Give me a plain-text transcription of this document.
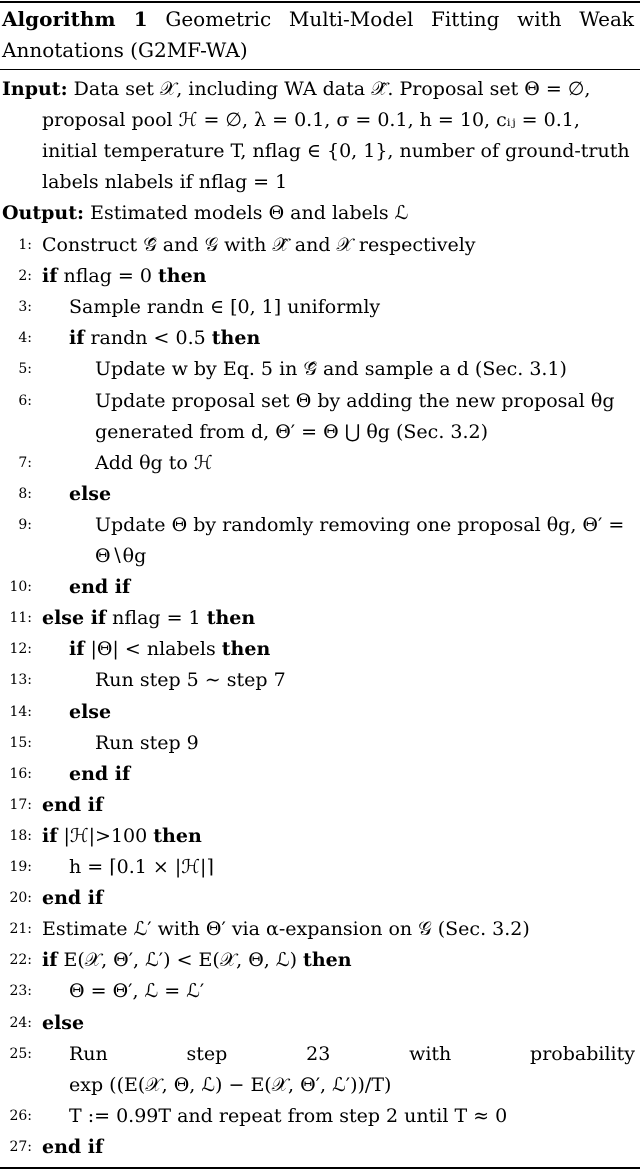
Algorithm 1 Geometric Multi-Model Fitting with Weak Annotations (G2MF-WA)
Input: Data set 𝒳, including WA data 𝒳̂. Proposal set Θ = ∅,
proposal pool ℋ = ∅, λ = 0.1, σ = 0.1, h = 10, cᵢⱼ = 0.1,
initial temperature T, nflag ∈ {0, 1}, number of ground-truth
labels nlabels if nflag = 1
Output: Estimated models Θ and labels ℒ
1: Construct 𝒢̂ and 𝒢 with 𝒳̂ and 𝒳 respectively
2: if nflag = 0 then
3: Sample randn ∈ [0, 1] uniformly
4: if randn < 0.5 then
5:	Update w by Eq. 5 in 𝒢̂ and sample a d (Sec. 3.1)
6:	Update proposal set Θ by adding the new proposal θg
generated from d, Θ′ = Θ ⋃ θg (Sec. 3.2)
7:	Add θg to ℋ
8: else
9:	Update Θ by randomly removing one proposal θg, Θ′ =
Θ∖θg
10: end if
11: else if nflag = 1 then
12: if |Θ| < nlabels then
13:	Run step 5 ∼ step 7
14: else
15:	Run step 9
16: end if
17: end if
18: if |ℋ|>100 then
19: h = ⌈0.1 × |ℋ|⌉
20: end if
21: Estimate ℒ′ with Θ′ via α-expansion on 𝒢 (Sec. 3.2)
22: if E(𝒳, Θ′, ℒ′) < E(𝒳, Θ, ℒ) then
23: Θ = Θ′, ℒ = ℒ′
24: else
25: Run	step	23	with	probability
exp ((E(𝒳, Θ, ℒ) − E(𝒳, Θ′, ℒ′))/T)
26: T := 0.99T and repeat from step 2 until T ≈ 0
27: end if
